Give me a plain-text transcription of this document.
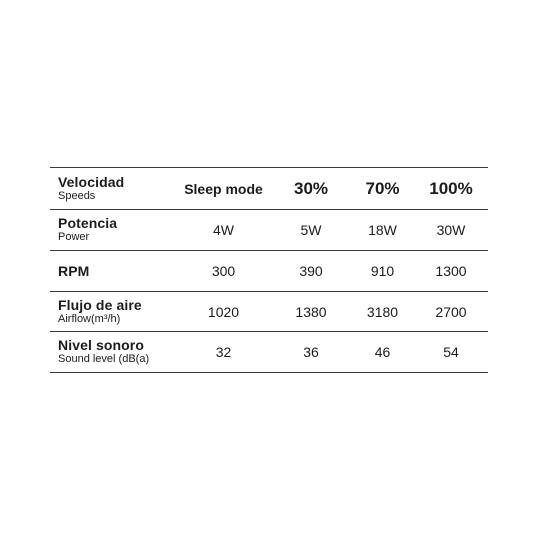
Velocidad
Speeds	Sleep mode	30%	70%	100%
Potencia
Power	4W	5W	18W	30W
RPM	300	390	910	1300
Flujo de aire
Airflow(m³/h)	1020	1380	3180	2700
Nivel sonoro
Sound level (dB(a)	32	36	46	54
